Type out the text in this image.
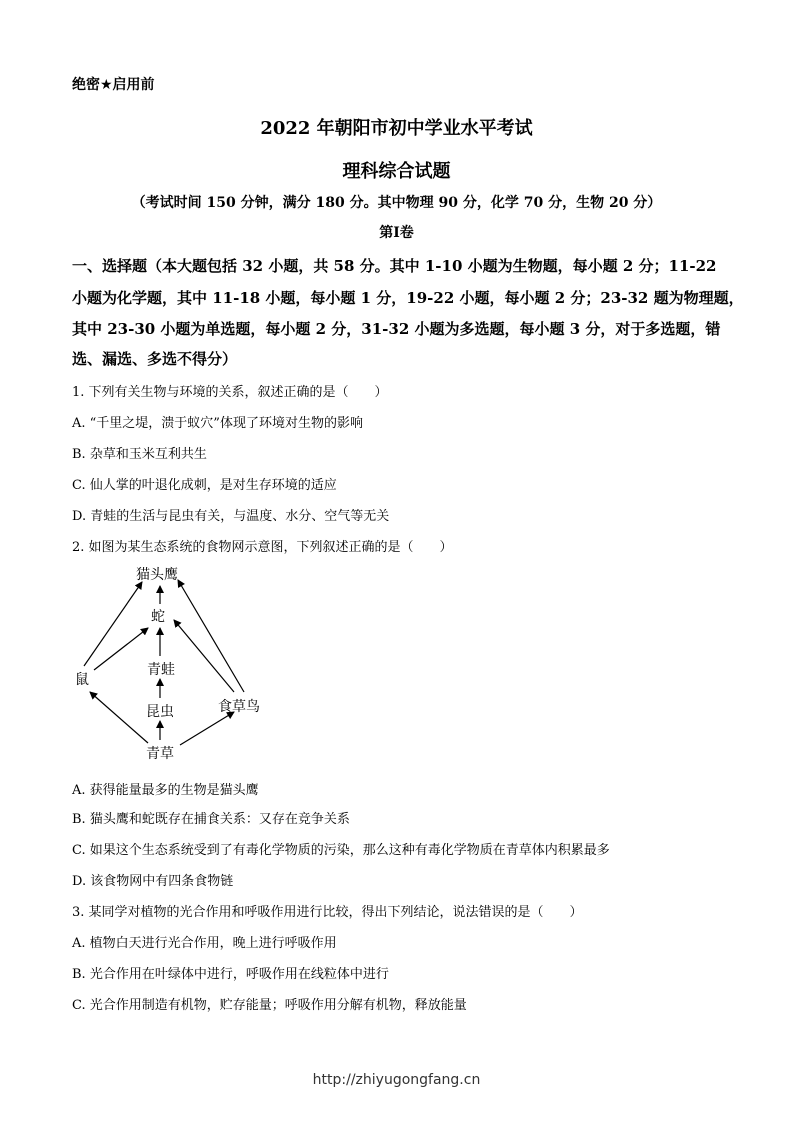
绝密★启用前
2022 年朝阳市初中学业水平考试
理科综合试题
（考试时间 150 分钟，满分 180 分。其中物理 90 分，化学 70 分，生物 20 分）
第Ⅰ卷
一、选择题（本大题包括 32 小题，共 58 分。其中 1-10 小题为生物题，每小题 2 分；11-22
小题为化学题，其中 11-18 小题，每小题 1 分，19-22 小题，每小题 2 分；23-32 题为物理题，
其中 23-30 小题为单选题，每小题 2 分，31-32 小题为多选题，每小题 3 分，对于多选题，错
选、漏选、多选不得分）
1. 下列有关生物与环境的关系，叙述正确的是（　　）
A. “千里之堤，溃于蚁穴”体现了环境对生物的影响
B. 杂草和玉米互利共生
C. 仙人掌的叶退化成刺，是对生存环境的适应
D. 青蛙的生活与昆虫有关，与温度、水分、空气等无关
2. 如图为某生态系统的食物网示意图，下列叙述正确的是（　　）
猫头鹰
蛇
青蛙
鼠
昆虫	食草鸟
青草
A. 获得能量最多的生物是猫头鹰
B. 猫头鹰和蛇既存在捕食关系：又存在竞争关系
C. 如果这个生态系统受到了有毒化学物质的污染，那么这种有毒化学物质在青草体内积累最多
D. 该食物网中有四条食物链
3. 某同学对植物的光合作用和呼吸作用进行比较，得出下列结论，说法错误的是（　　）
A. 植物白天进行光合作用，晚上进行呼吸作用
B. 光合作用在叶绿体中进行，呼吸作用在线粒体中进行
C. 光合作用制造有机物，贮存能量；呼吸作用分解有机物，释放能量
http://zhiyugongfang.cn
